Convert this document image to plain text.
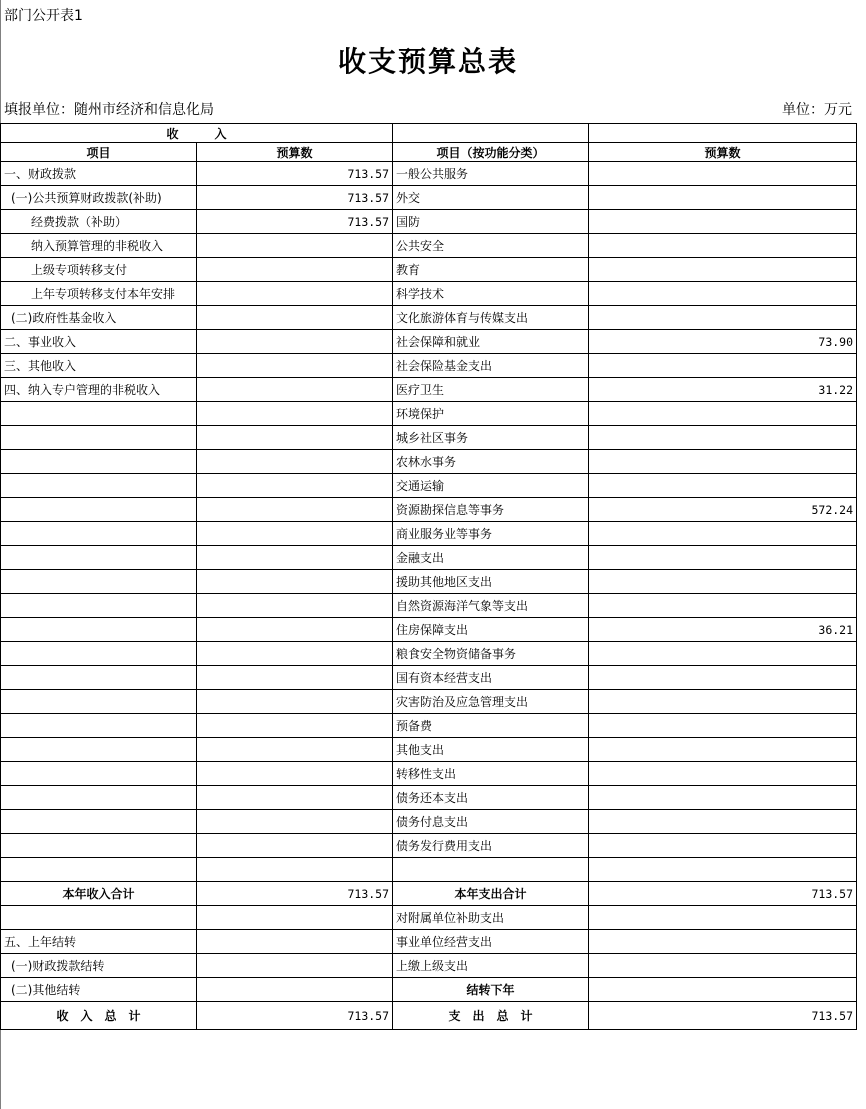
部门公开表1
收支预算总表
填报单位：随州市经济和信息化局	单位：万元
收　　　入			
项目	预算数	项目（按功能分类）	预算数
一、财政拨款	713.57	一般公共服务	
(一)公共预算财政拨款(补助)	713.57	外交	
经费拨款（补助）	713.57	国防	
纳入预算管理的非税收入		公共安全	
上级专项转移支付		教育	
上年专项转移支付本年安排		科学技术	
(二)政府性基金收入		文化旅游体育与传媒支出	
二、事业收入		社会保障和就业	73.90
三、其他收入		社会保险基金支出	
四、纳入专户管理的非税收入		医疗卫生	31.22
		环境保护	
		城乡社区事务	
		农林水事务	
		交通运输	
		资源勘探信息等事务	572.24
		商业服务业等事务	
		金融支出	
		援助其他地区支出	
		自然资源海洋气象等支出	
		住房保障支出	36.21
		粮食安全物资储备事务	
		国有资本经营支出	
		灾害防治及应急管理支出	
		预备费	
		其他支出	
		转移性支出	
		债务还本支出	
		债务付息支出	
		债务发行费用支出	

本年收入合计	713.57	本年支出合计	713.57
		对附属单位补助支出	
五、上年结转		事业单位经营支出	
(一)财政拨款结转		上缴上级支出	
(二)其他结转		结转下年	
收　入　总　计	713.57	支　出　总　计	713.57
